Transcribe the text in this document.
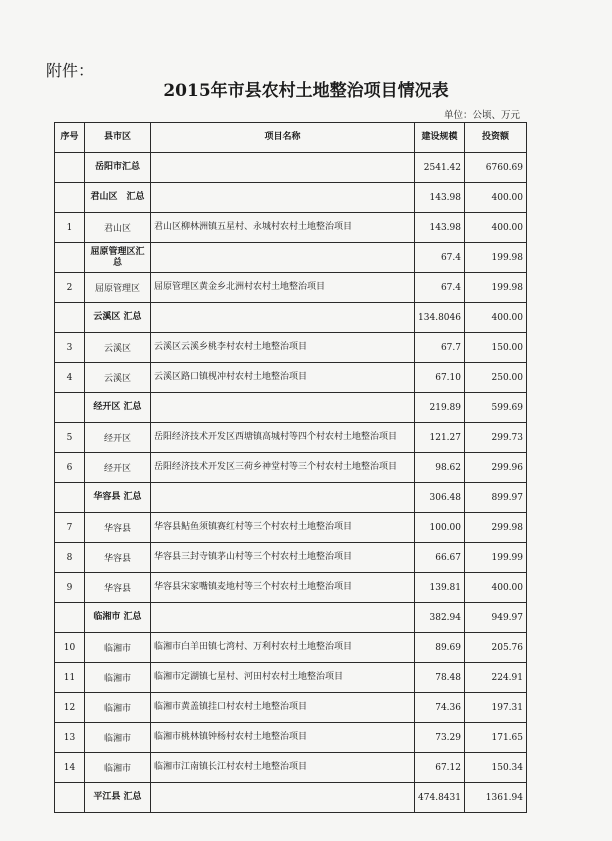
附件：
2015年市县农村土地整治项目情况表
单位：公顷、万元
序号	县市区	项目名称	建设规模	投资额
	岳阳市汇总		2541.42	6760.69
	君山区　汇总		143.98	400.00
1	君山区	君山区柳林洲镇五星村、永城村农村土地整治项目	143.98	400.00
	屈原管理区汇总		67.4	199.98
2	屈原管理区	屈原管理区黄金乡北洲村农村土地整治项目	67.4	199.98
	云溪区 汇总		134.8046	400.00
3	云溪区	云溪区云溪乡桃李村农村土地整治项目	67.7	150.00
4	云溪区	云溪区路口镇枧冲村农村土地整治项目	67.10	250.00
	经开区 汇总		219.89	599.69
5	经开区	岳阳经济技术开发区西塘镇高城村等四个村农村土地整治项目	121.27	299.73
6	经开区	岳阳经济技术开发区三荷乡神堂村等三个村农村土地整治项目	98.62	299.96
	华容县 汇总		306.48	899.97
7	华容县	华容县鲇鱼须镇赛红村等三个村农村土地整治项目	100.00	299.98
8	华容县	华容县三封寺镇茅山村等三个村农村土地整治项目	66.67	199.99
9	华容县	华容县宋家嘴镇麦地村等三个村农村土地整治项目	139.81	400.00
	临湘市 汇总		382.94	949.97
10	临湘市	临湘市白羊田镇七湾村、万利村农村土地整治项目	89.69	205.76
11	临湘市	临湘市定湖镇七星村、河田村农村土地整治项目	78.48	224.91
12	临湘市	临湘市黄盖镇挂口村农村土地整治项目	74.36	197.31
13	临湘市	临湘市桃林镇钟杨村农村土地整治项目	73.29	171.65
14	临湘市	临湘市江南镇长江村农村土地整治项目	67.12	150.34
	平江县 汇总		474.8431	1361.94
